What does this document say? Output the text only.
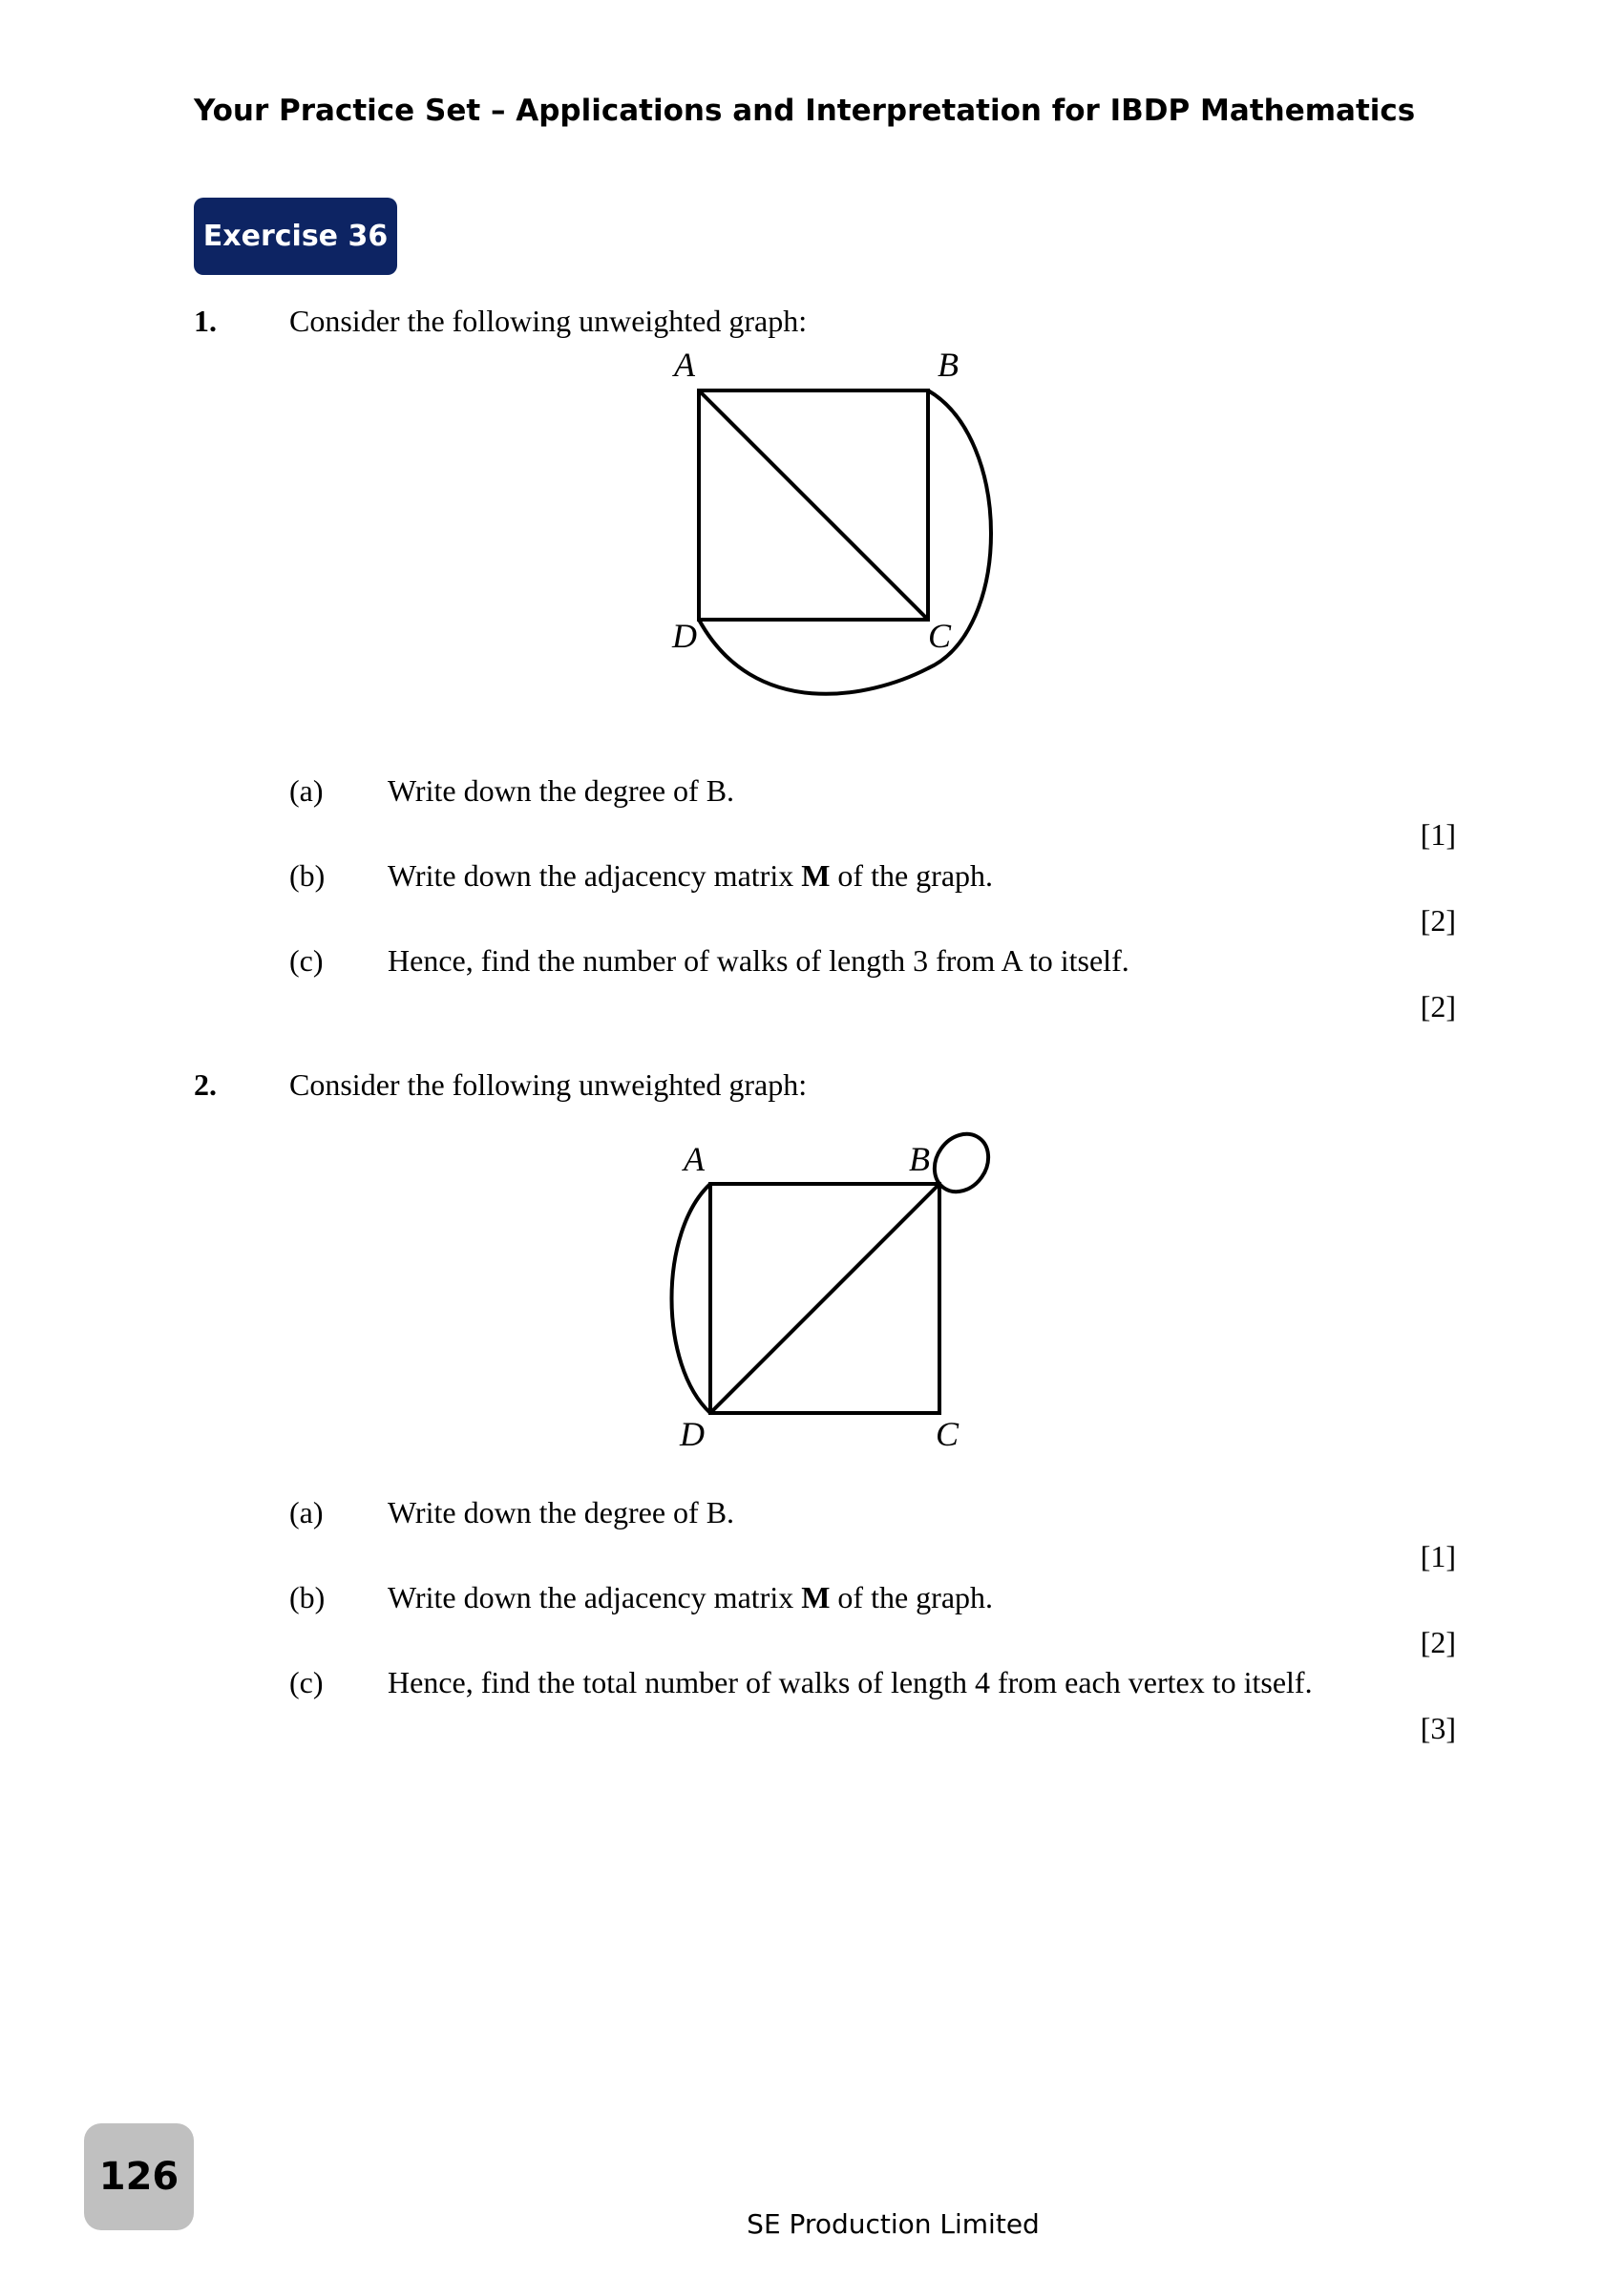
Your Practice Set – Applications and Interpretation for IBDP Mathematics
Exercise 36
1. Consider the following unweighted graph:
A	B
C
D
(a) Write down the degree of B.
[1]
(b) Write down the adjacency matrix M of the graph.
[2]
(c) Hence, find the number of walks of length 3 from A to itself.
[2]
2. Consider the following unweighted graph:
A	B
C
D
(a) Write down the degree of B.
[1]
(b) Write down the adjacency matrix M of the graph.
[2]
(c) Hence, find the total number of walks of length 4 from each vertex to itself.
[3]
126
SE Production Limited
